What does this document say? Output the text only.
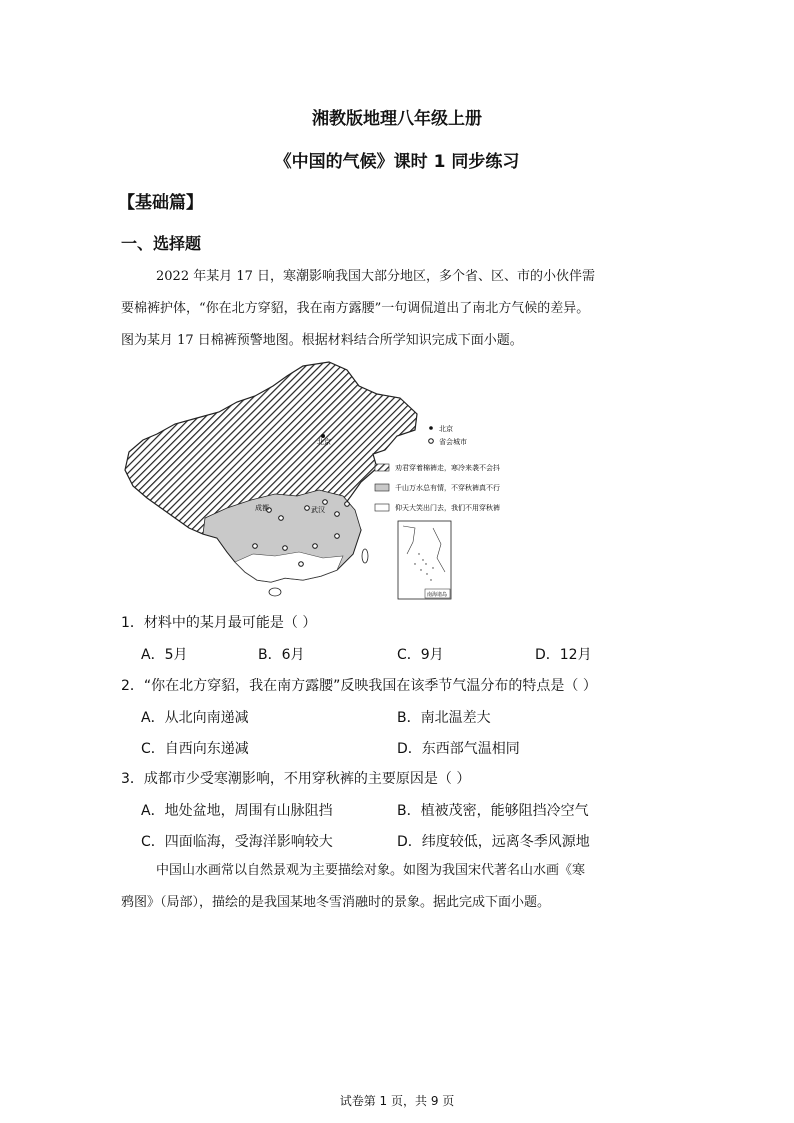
湘教版地理八年级上册
《中国的气候》课时 1 同步练习
【基础篇】
一、选择题
2022 年某月 17 日，寒潮影响我国大部分地区，多个省、区、市的小伙伴需
要棉裤护体，“你在北方穿貂，我在南方露腰”一句调侃道出了南北方气候的差异。
图为某月 17 日棉裤预警地图。根据材料结合所学知识完成下面小题。
北京
成都	武汉
北京
省会城市
劝君穿着棉裤走，寒冷来袭不会抖
千山万水总有情，不穿秋裤真不行
仰天大笑出门去，我们不用穿秋裤
南海诸岛
1．材料中的某月最可能是（ ）
A．5月	B．6月	C．9月	D．12月
2．“你在北方穿貂，我在南方露腰”反映我国在该季节气温分布的特点是（ ）
A．从北向南递减	B．南北温差大
C．自西向东递减	D．东西部气温相同
3．成都市少受寒潮影响，不用穿秋裤的主要原因是（ ）
A．地处盆地，周围有山脉阻挡	B．植被茂密，能够阻挡冷空气
C．四面临海，受海洋影响较大	D．纬度较低，远离冬季风源地
中国山水画常以自然景观为主要描绘对象。如图为我国宋代著名山水画《寒
鸦图》（局部），描绘的是我国某地冬雪消融时的景象。据此完成下面小题。
试卷第 1 页，共 9 页
